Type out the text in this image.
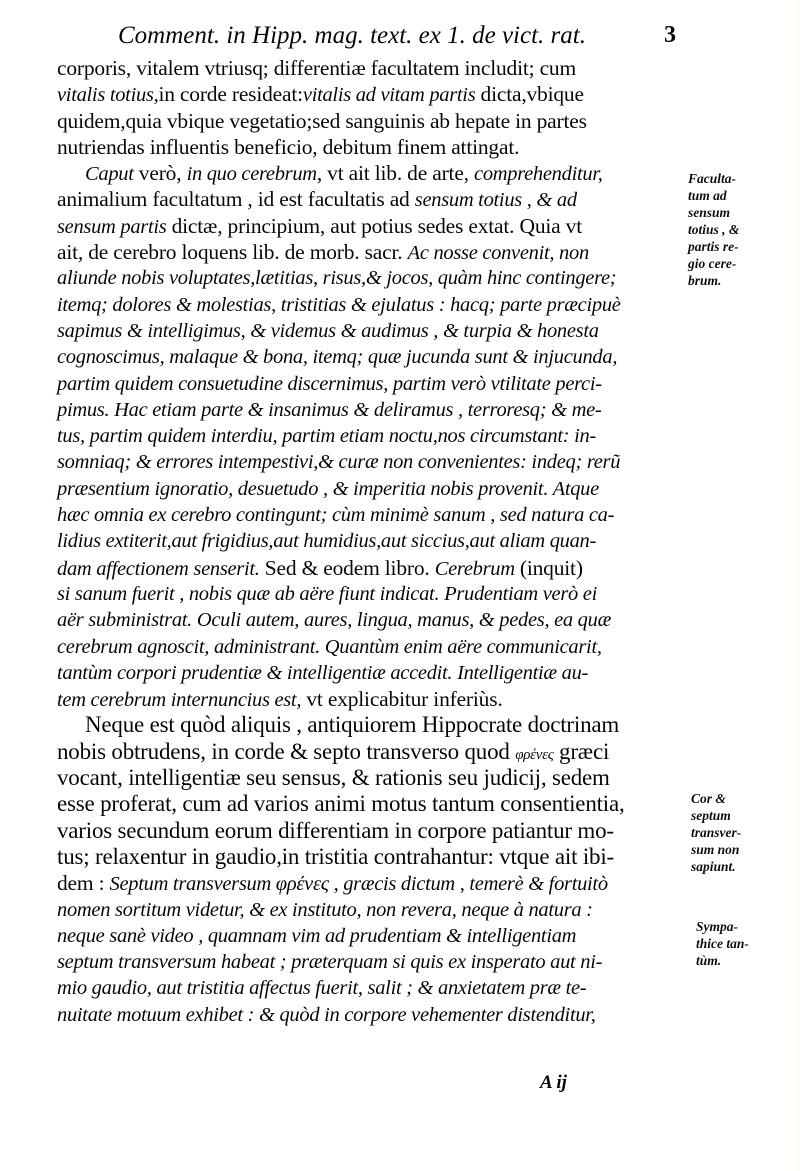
Comment. in Hipp. mag. text. ex 1. de vict. rat.	3
corporis, vitalem vtriusq; differentiæ facultatem includit; cum
vitalis totius,in corde resideat:vitalis ad vitam partis dicta,vbique
quidem,quia vbique vegetatio;sed sanguinis ab hepate in partes
nutriendas influentis beneficio, debitum finem attingat.
Caput verò, in quo cerebrum, vt ait lib. de arte, comprehenditur,
animalium facultatum , id est facultatis ad sensum totius , & ad
sensum partis dictæ, principium, aut potius sedes extat. Quia vt
ait, de cerebro loquens lib. de morb. sacr. Ac nosse convenit, non
aliunde nobis voluptates,lætitias, risus,& jocos, quàm hinc contingere;
itemq; dolores & molestias, tristitias & ejulatus : hacq; parte præcipuè
sapimus & intelligimus, & videmus & audimus , & turpia & honesta
cognoscimus, malaque & bona, itemq; quæ jucunda sunt & injucunda,
partim quidem consuetudine discernimus, partim verò vtilitate perci-
pimus. Hac etiam parte & insanimus & deliramus , terroresq; & me-
tus, partim quidem interdiu, partim etiam noctu,nos circumstant: in-
somniaq; & errores intempestivi,& curæ non convenientes: indeq; rerũ
præsentium ignoratio, desuetudo , & imperitia nobis provenit. Atque
hæc omnia ex cerebro contingunt; cùm minimè sanum , sed natura ca-
lidius extiterit,aut frigidius,aut humidius,aut siccius,aut aliam quan-
dam affectionem senserit. Sed & eodem libro. Cerebrum (inquit)
si sanum fuerit , nobis quæ ab aëre fiunt indicat. Prudentiam verò ei
aër subministrat. Oculi autem, aures, lingua, manus, & pedes, ea quæ
cerebrum agnoscit, administrant. Quantùm enim aëre communicarit,
tantùm corpori prudentiæ & intelligentiæ accedit. Intelligentiæ au-
tem cerebrum internuncius est, vt explicabitur inferiùs.
Neque est quòd aliquis , antiquiorem Hippocrate doctrinam
nobis obtrudens, in corde & septo transverso quod φρένες græci
vocant, intelligentiæ seu sensus, & rationis seu judicij, sedem
esse proferat, cum ad varios animi motus tantum consentientia,
varios secundum eorum differentiam in corpore patiantur mo-
tus; relaxentur in gaudio,in tristitia contrahantur: vtque ait ibi-
dem : Septum transversum φρένες , græcis dictum , temerè & fortuitò
nomen sortitum videtur, & ex instituto, non revera, neque à natura :
neque sanè video , quamnam vim ad prudentiam & intelligentiam
septum transversum habeat ; præterquam si quis ex insperato aut ni-
mio gaudio, aut tristitia affectus fuerit, salit ; & anxietatem præ te-
nuitate motuum exhibet : & quòd in corpore vehementer distenditur,
Faculta-
tum ad
sensum
totius , &
partis re-
gio cere-
brum.
Cor &
septum
transver-
sum non
sapiunt.
Sympa-
thice tan-
tùm.
A ij
